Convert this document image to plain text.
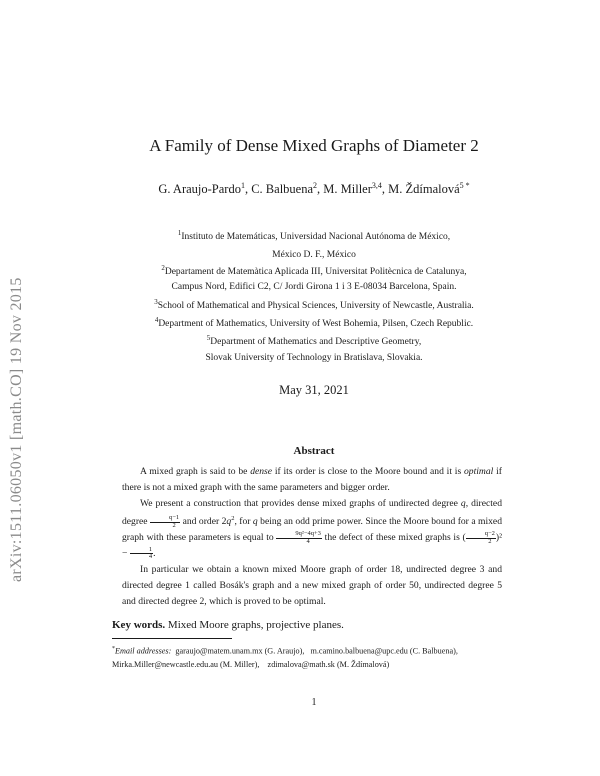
arXiv:1511.06050v1 [math.CO] 19 Nov 2015
A Family of Dense Mixed Graphs of Diameter 2
G. Araujo-Pardo$^1$, C. Balbuena$^2$, M. Miller$^{3,4}$, M. Ždímalová$^{5 *}$
$^1$Instituto de Matemáticas, Universidad Nacional Autónoma de México,
México D. F., México
$^2$Departament de Matemàtica Aplicada III, Universitat Politècnica de Catalunya,
Campus Nord, Edifici C2, C/ Jordi Girona 1 i 3 E-08034 Barcelona, Spain.
$^3$School of Mathematical and Physical Sciences, University of Newcastle, Australia.
$^4$Department of Mathematics, University of West Bohemia, Pilsen, Czech Republic.
$^5$Department of Mathematics and Descriptive Geometry,
Slovak University of Technology in Bratislava, Slovakia.
May 31, 2021
Abstract

A mixed graph is said to be dense if its order is close to the Moore bound and it is optimal if there is not a mixed graph with the same parameters and bigger order.

We present a construction that provides dense mixed graphs of undirected degree q, directed degree $\frac{q-1}{2}$ and order $2q^2$, for q being an odd prime power. Since the Moore bound for a mixed graph with these parameters is equal to $\frac{\text{9q²−4q+3}}{4}$ the defect of these mixed graphs is ( $\frac{q-2}{2} )^2 - \frac{1}{4}$ .

In particular we obtain a known mixed Moore graph of order 18, undirected degree 3 and directed degree 1 called Bosák's graph and a new mixed graph of order 50, undirected degree 5 and directed degree 2, which is proved to be optimal.

Key words. Mixed Moore graphs, projective planes.
*Email addresses:  garaujo@matem.unam.mx (G. Araujo),   m.camino.balbuena@upc.edu (C. Balbuena),
Mirka.Miller@newcastle.edu.au (M. Miller),    zdimalova@math.sk (M. Ždímalová)
1
